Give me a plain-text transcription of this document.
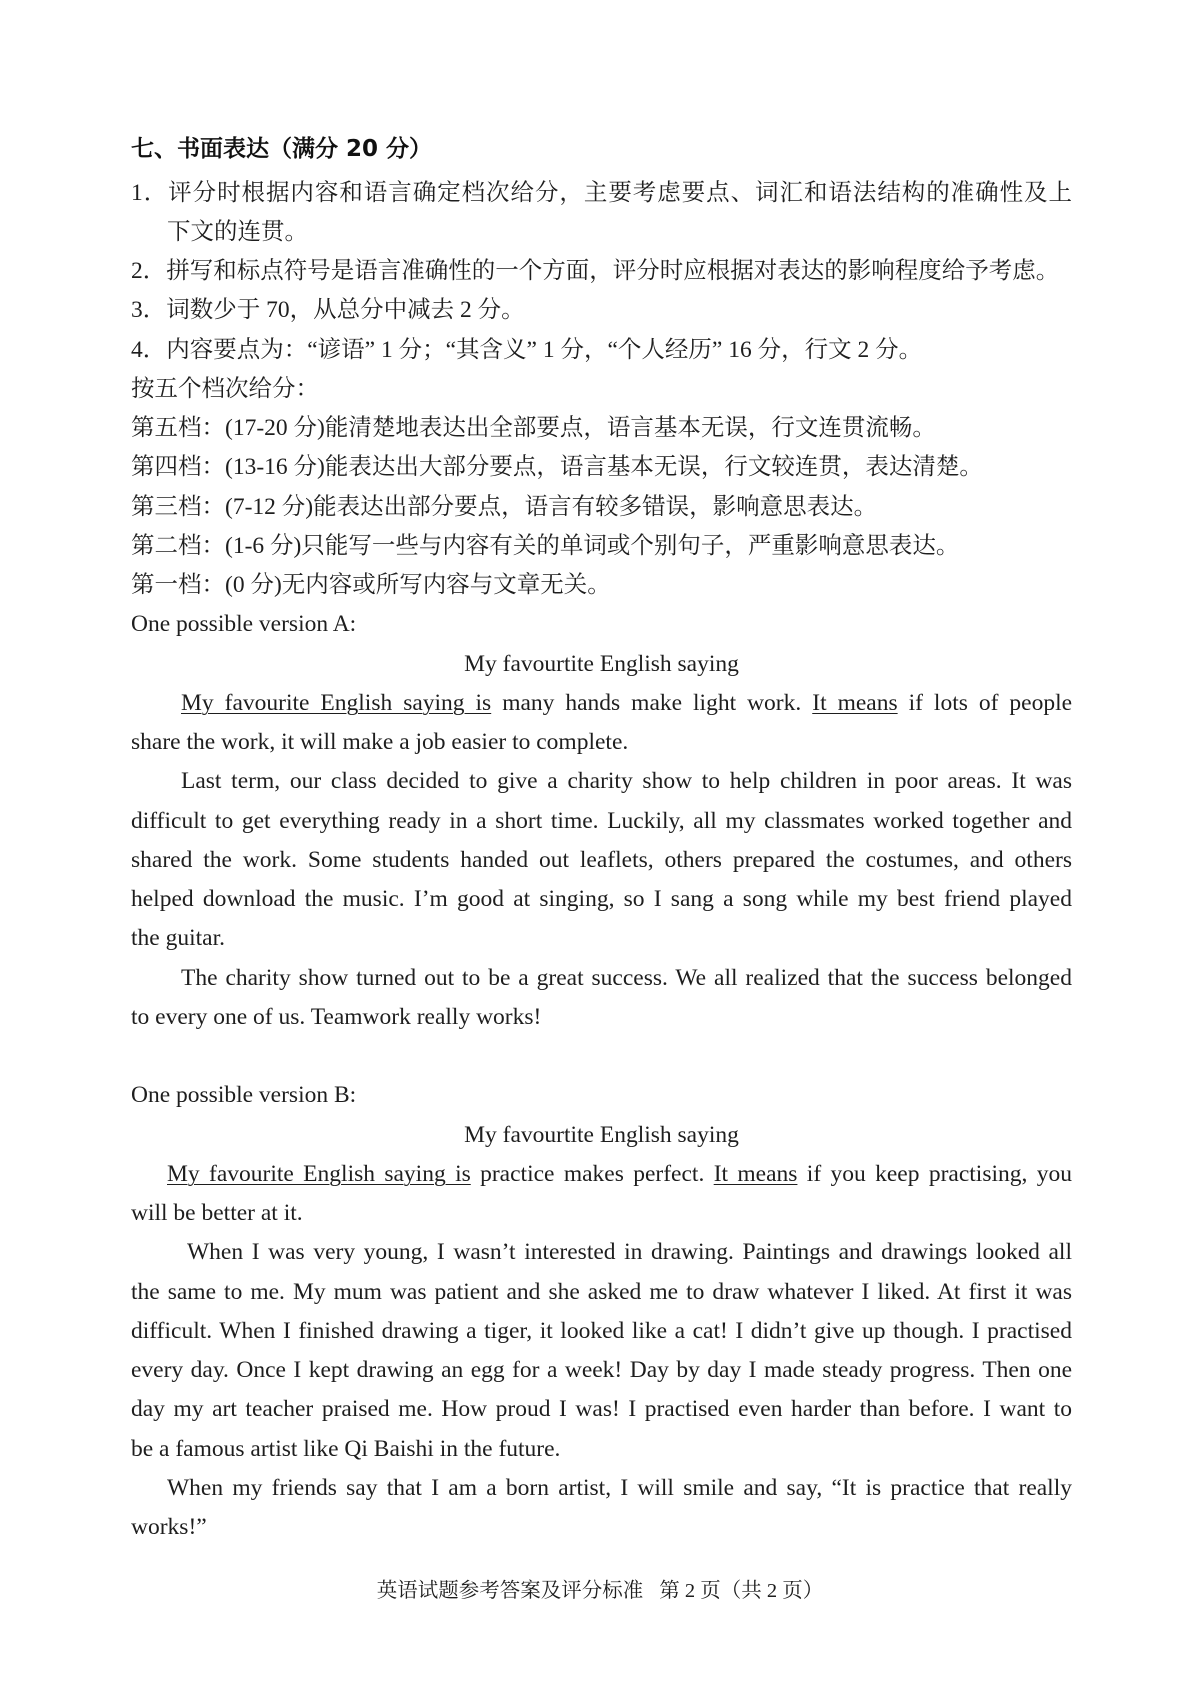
七、书面表达（满分 20 分）
1．评分时根据内容和语言确定档次给分，主要考虑要点、词汇和语法结构的准确性及上
下文的连贯。
2．拼写和标点符号是语言准确性的一个方面，评分时应根据对表达的影响程度给予考虑。
3．词数少于 70，从总分中减去 2 分。
4．内容要点为：“谚语” 1 分；“其含义” 1 分，“个人经历” 16 分，行文 2 分。
按五个档次给分：
第五档：(17-20 分)能清楚地表达出全部要点，语言基本无误，行文连贯流畅。
第四档：(13-16 分)能表达出大部分要点，语言基本无误，行文较连贯，表达清楚。
第三档：(7-12 分)能表达出部分要点，语言有较多错误，影响意思表达。
第二档：(1-6 分)只能写一些与内容有关的单词或个别句子，严重影响意思表达。
第一档：(0 分)无内容或所写内容与文章无关。
One possible version A:
My favourtite English saying
My favourite English saying is many hands make light work. It means if lots of people
share the work, it will make a job easier to complete.
Last term, our class decided to give a charity show to help children in poor areas. It was
difficult to get everything ready in a short time. Luckily, all my classmates worked together and
shared the work. Some students handed out leaflets, others prepared the costumes, and others
helped download the music. I’m good at singing, so I sang a song while my best friend played
the guitar.
The charity show turned out to be a great success. We all realized that the success belonged
to every one of us. Teamwork really works!
One possible version B:
My favourtite English saying
My favourite English saying is practice makes perfect. It means if you keep practising, you
will be better at it.
When I was very young, I wasn’t interested in drawing. Paintings and drawings looked all
the same to me. My mum was patient and she asked me to draw whatever I liked. At first it was
difficult. When I finished drawing a tiger, it looked like a cat! I didn’t give up though. I practised
every day. Once I kept drawing an egg for a week! Day by day I made steady progress. Then one
day my art teacher praised me. How proud I was! I practised even harder than before. I want to
be a famous artist like Qi Baishi in the future.
When my friends say that I am a born artist, I will smile and say, “It is practice that really
works!”
英语试题参考答案及评分标准 第 2 页（共 2 页）
